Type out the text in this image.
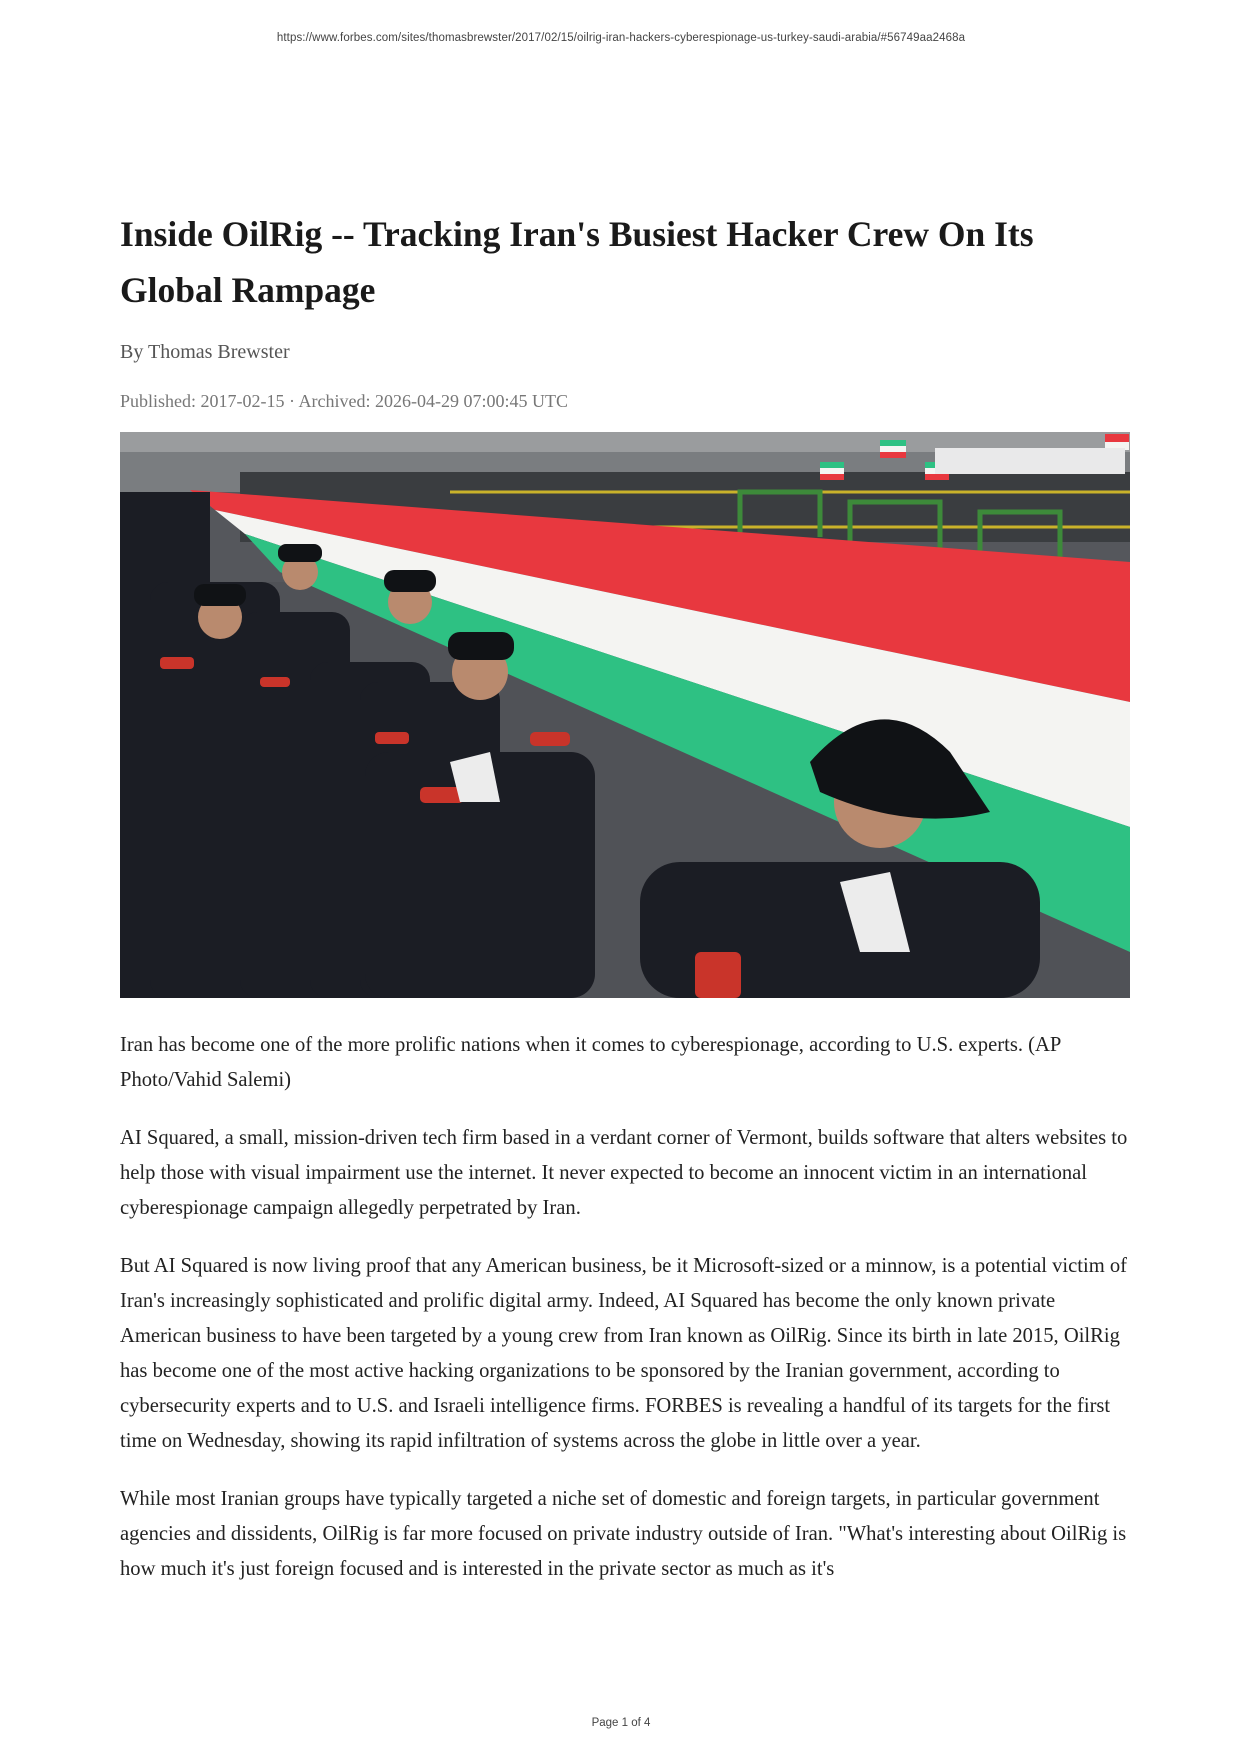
https://www.forbes.com/sites/thomasbrewster/2017/02/15/oilrig-iran-hackers-cyberespionage-us-turkey-saudi-arabia/#56749aa2468a
Inside OilRig -- Tracking Iran's Busiest Hacker Crew On Its Global Rampage
By Thomas Brewster
Published: 2017-02-15 · Archived: 2026-04-29 07:00:45 UTC

Iran has become one of the more prolific nations when it comes to cyberespionage, according to U.S. experts. (AP Photo/Vahid Salemi)

AI Squared, a small, mission-driven tech firm based in a verdant corner of Vermont, builds software that alters websites to help those with visual impairment use the internet. It never expected to become an innocent victim in an international cyberespionage campaign allegedly perpetrated by Iran.

But AI Squared is now living proof that any American business, be it Microsoft-sized or a minnow, is a potential victim of Iran's increasingly sophisticated and prolific digital army. Indeed, AI Squared has become the only known private American business to have been targeted by a young crew from Iran known as OilRig. Since its birth in late 2015, OilRig has become one of the most active hacking organizations to be sponsored by the Iranian government, according to cybersecurity experts and to U.S. and Israeli intelligence firms. FORBES is revealing a handful of its targets for the first time on Wednesday, showing its rapid infiltration of systems across the globe in little over a year.

While most Iranian groups have typically targeted a niche set of domestic and foreign targets, in particular government agencies and dissidents, OilRig is far more focused on private industry outside of Iran. "What's interesting about OilRig is how much it's just foreign focused and is interested in the private sector as much as it's

Page 1 of 4
